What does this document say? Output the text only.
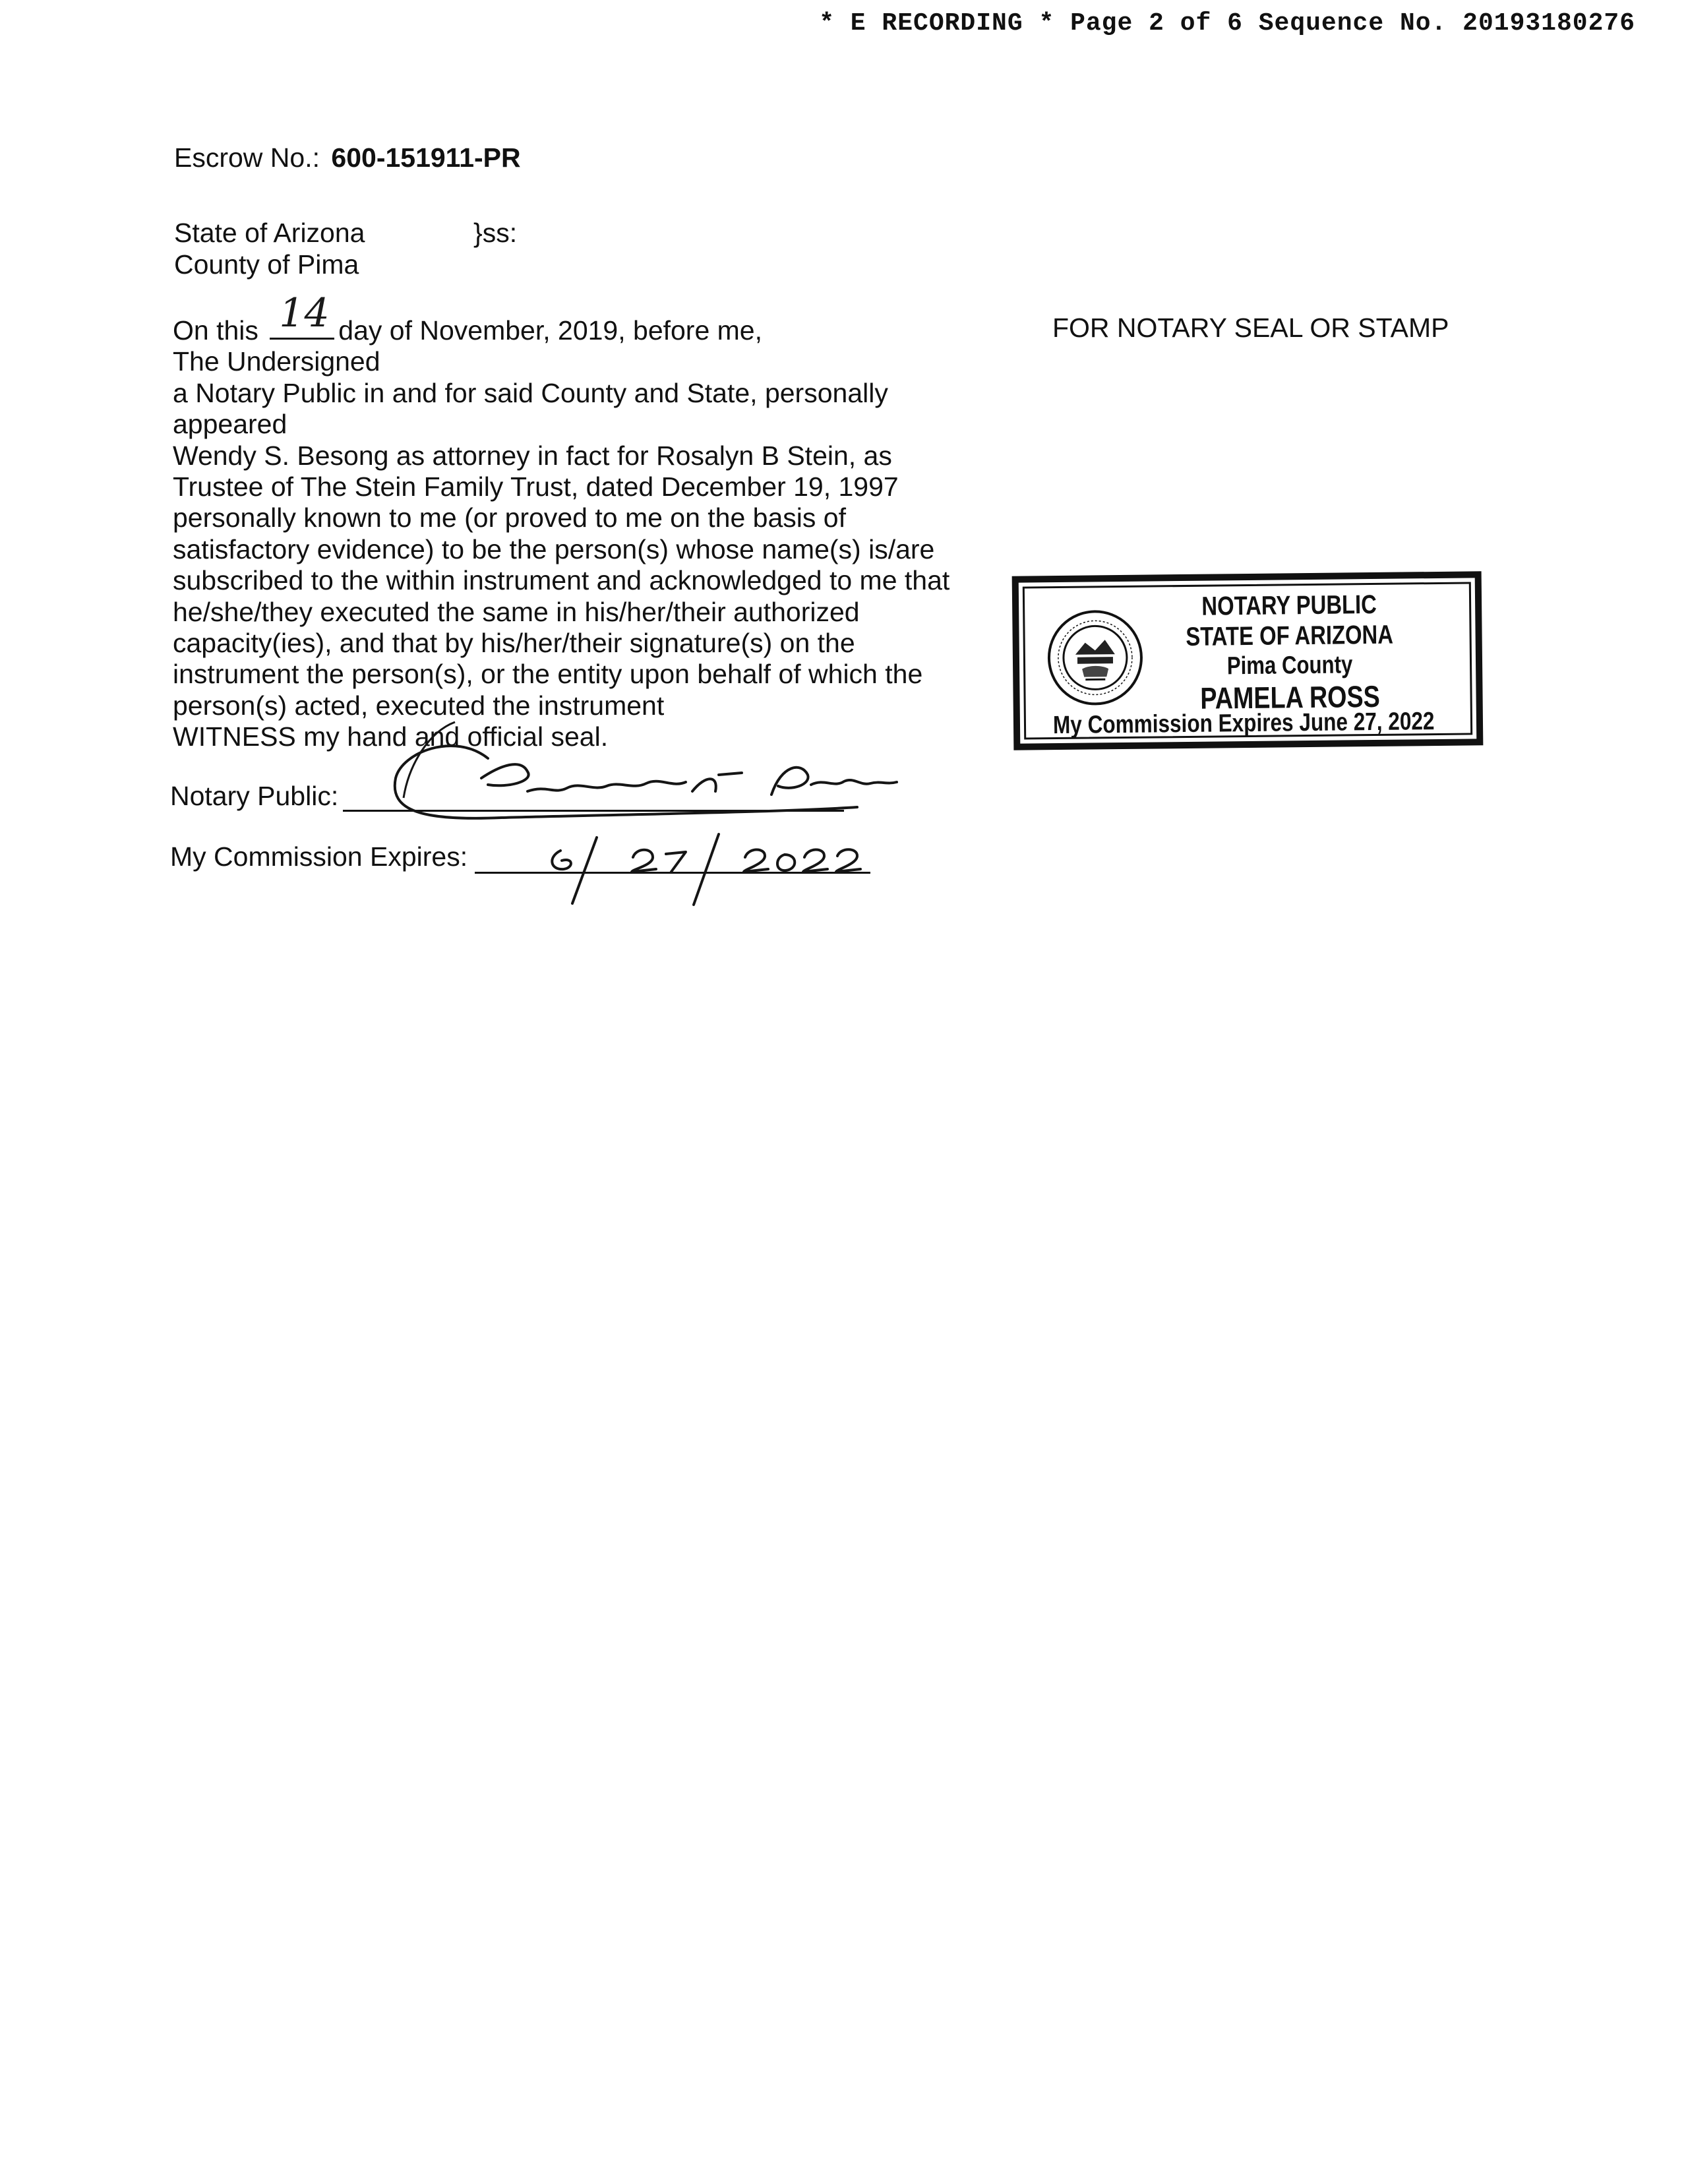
* E RECORDING * Page 2 of 6 Sequence No. 20193180276
Escrow No.: 600-151911-PR
State of Arizona	}ss:
County of Pima
FOR NOTARY SEAL OR STAMP
On this 14 day of November, 2019, before me,
The Undersigned
a Notary Public in and for said County and State, personally
appeared
Wendy S. Besong as attorney in fact for Rosalyn B Stein, as
Trustee of The Stein Family Trust, dated December 19, 1997
personally known to me (or proved to me on the basis of
satisfactory evidence) to be the person(s) whose name(s) is/are
subscribed to the within instrument and acknowledged to me that
he/she/they executed the same in his/her/their authorized
capacity(ies), and that by his/her/their signature(s) on the
instrument the person(s), or the entity upon behalf of which the
person(s) acted, executed the instrument
WITNESS my hand and official seal.
Notary Public:
My Commission Expires:
NOTARY PUBLIC
STATE OF ARIZONA
Pima County
PAMELA ROSS
My Commission Expires June 27, 2022
